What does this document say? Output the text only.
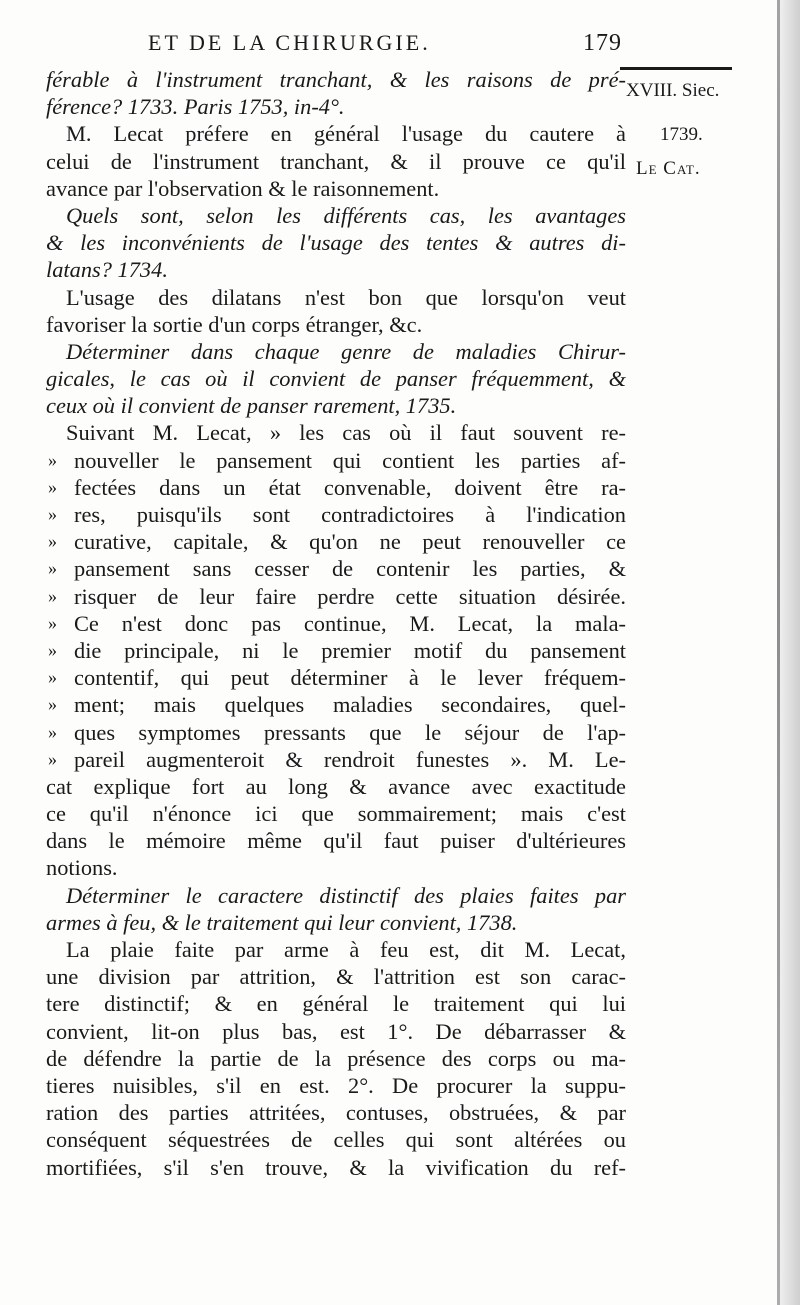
ET DE LA CHIRURGIE.	179
XVIII. Siec.
1739.
Le Cat.
férable à l'instrument tranchant, & les raisons de pré-
férence? 1733. Paris 1753, in-4°.
M. Lecat préfere en général l'usage du cautere à
celui de l'instrument tranchant, & il prouve ce qu'il
avance par l'observation & le raisonnement.
Quels sont, selon les différents cas, les avantages
& les inconvénients de l'usage des tentes & autres di-
latans? 1734.
L'usage des dilatans n'est bon que lorsqu'on veut
favoriser la sortie d'un corps étranger, &c.
Déterminer dans chaque genre de maladies Chirur-
gicales, le cas où il convient de panser fréquemment, &
ceux où il convient de panser rarement, 1735.
Suivant M. Lecat, » les cas où il faut souvent re-
» nouveller le pansement qui contient les parties af-
» fectées dans un état convenable, doivent être ra-
» res, puisqu'ils sont contradictoires à l'indication
» curative, capitale, & qu'on ne peut renouveller ce
» pansement sans cesser de contenir les parties, &
» risquer de leur faire perdre cette situation désirée.
» Ce n'est donc pas continue, M. Lecat, la mala-
» die principale, ni le premier motif du pansement
» contentif, qui peut déterminer à le lever fréquem-
» ment; mais quelques maladies secondaires, quel-
» ques symptomes pressants que le séjour de l'ap-
» pareil augmenteroit & rendroit funestes ». M. Le-
cat explique fort au long & avance avec exactitude
ce qu'il n'énonce ici que sommairement; mais c'est
dans le mémoire même qu'il faut puiser d'ultérieures
notions.
Déterminer le caractere distinctif des plaies faites par
armes à feu, & le traitement qui leur convient, 1738.
La plaie faite par arme à feu est, dit M. Lecat,
une division par attrition, & l'attrition est son carac-
tere distinctif; & en général le traitement qui lui
convient, lit-on plus bas, est 1°. De débarrasser &
de défendre la partie de la présence des corps ou ma-
tieres nuisibles, s'il en est. 2°. De procurer la suppu-
ration des parties attritées, contuses, obstruées, & par
conséquent séquestrées de celles qui sont altérées ou
mortifiées, s'il s'en trouve, & la vivification du ref-
